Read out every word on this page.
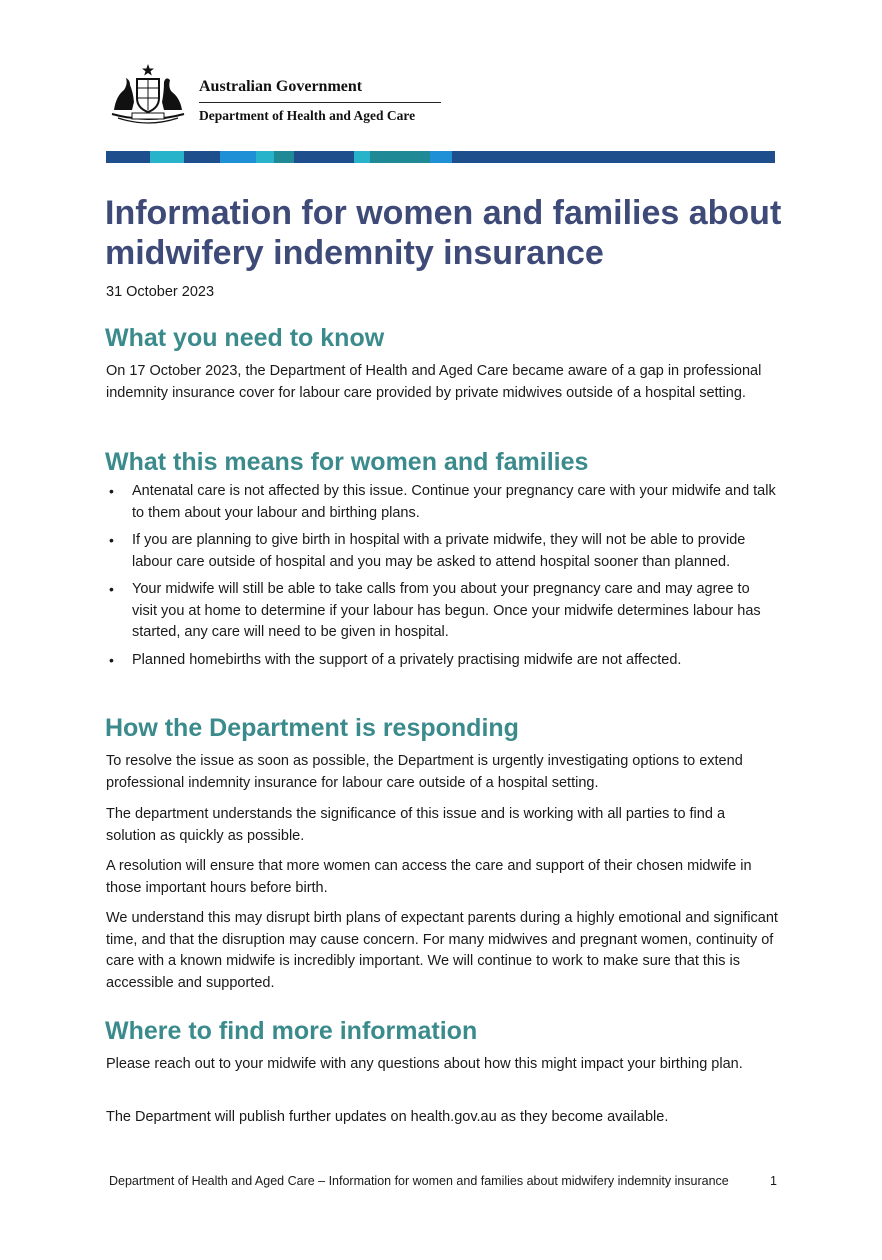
Australian Government
Department of Health and Aged Care
Information for women and families about midwifery indemnity insurance
31 October 2023
What you need to know

On 17 October 2023, the Department of Health and Aged Care became aware of a gap in professional indemnity insurance cover for labour care provided by private midwives outside of a hospital setting.

What this means for women and families
• Antenatal care is not affected by this issue. Continue your pregnancy care with your midwife and talk to them about your labour and birthing plans.
• If you are planning to give birth in hospital with a private midwife, they will not be able to provide labour care outside of hospital and you may be asked to attend hospital sooner than planned.
• Your midwife will still be able to take calls from you about your pregnancy care and may agree to visit you at home to determine if your labour has begun. Once your midwife determines labour has started, any care will need to be given in hospital.
• Planned homebirths with the support of a privately practising midwife are not affected.
How the Department is responding

To resolve the issue as soon as possible, the Department is urgently investigating options to extend professional indemnity insurance for labour care outside of a hospital setting.

The department understands the significance of this issue and is working with all parties to find a solution as quickly as possible.

A resolution will ensure that more women can access the care and support of their chosen midwife in those important hours before birth.

We understand this may disrupt birth plans of expectant parents during a highly emotional and significant time, and that the disruption may cause concern. For many midwives and pregnant women, continuity of care with a known midwife is incredibly important. We will continue to work to make sure that this is accessible and supported.

Where to find more information

Please reach out to your midwife with any questions about how this might impact your birthing plan.

The Department will publish further updates on health.gov.au as they become available.

Department of Health and Aged Care – Information for women and families about midwifery indemnity insurance	1
